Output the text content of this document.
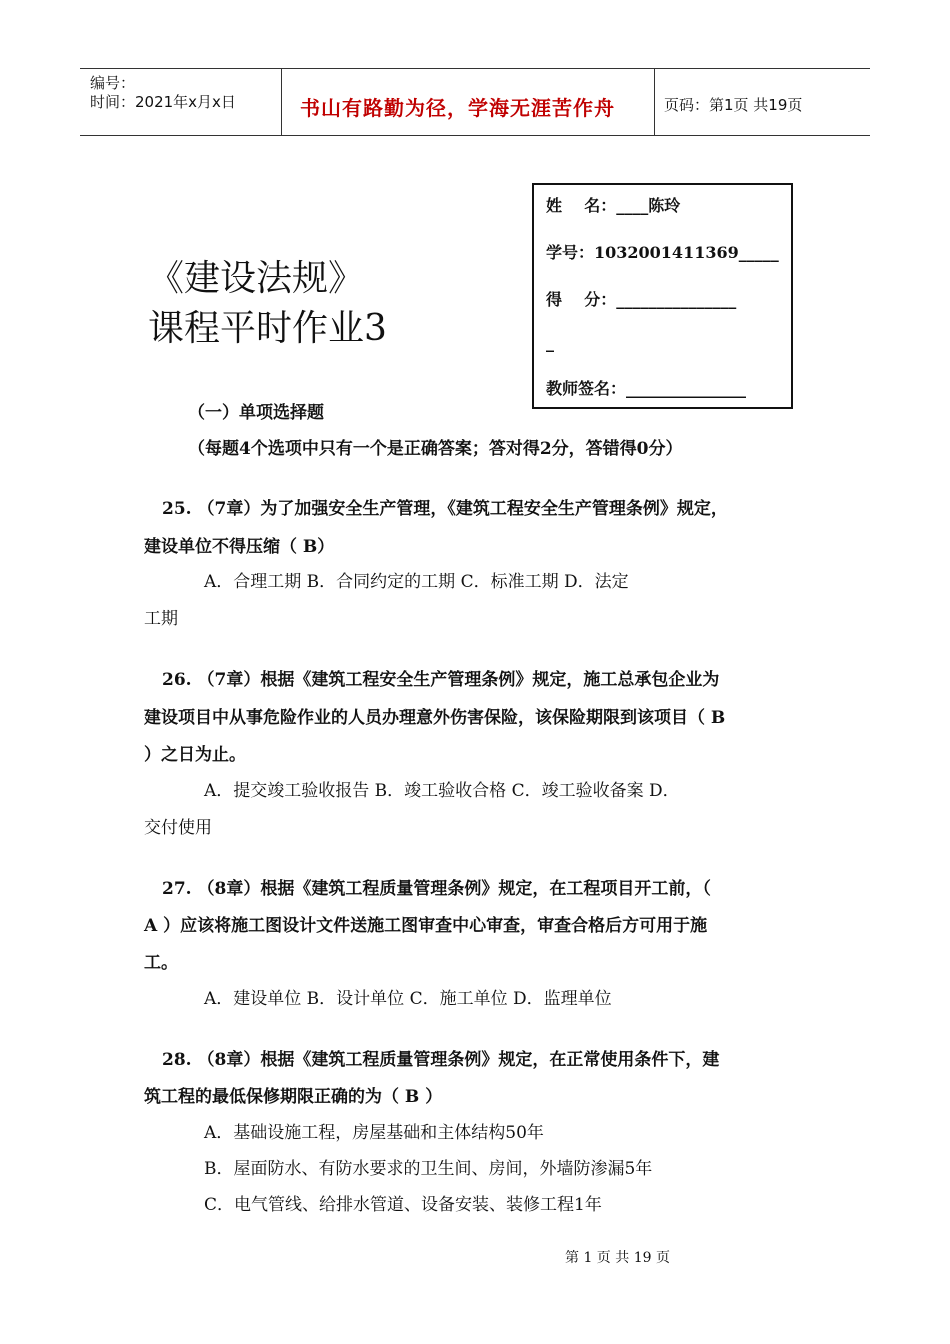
编号：
时间：2021年x月x日	书山有路勤为径，学海无涯苦作舟	页码：第1页 共19页
姓    名：____陈玲
学号：1032001411369_____
得    分：_______________
_
教师签名：_______________
《建设法规》
课程平时作业3
（一）单项选择题
（每题4个选项中只有一个是正确答案；答对得2分，答错得0分）
25. （7章）为了加强安全生产管理，《建筑工程安全生产管理条例》规定，
建设单位不得压缩（ B）
A．合理工期 B．合同约定的工期 C．标准工期 D．法定
工期
26. （7章）根据《建筑工程安全生产管理条例》规定，施工总承包企业为
建设项目中从事危险作业的人员办理意外伤害保险，该保险期限到该项目（ B
）之日为止。
A．提交竣工验收报告 B．竣工验收合格 C．竣工验收备案 D．
交付使用
27. （8章）根据《建筑工程质量管理条例》规定，在工程项目开工前，（
A ）应该将施工图设计文件送施工图审查中心审查，审查合格后方可用于施
工。
A．建设单位 B．设计单位 C．施工单位 D．监理单位
28. （8章）根据《建筑工程质量管理条例》规定，在正常使用条件下，建
筑工程的最低保修期限正确的为（ B ）
A．基础设施工程，房屋基础和主体结构50年
B．屋面防水、有防水要求的卫生间、房间，外墙防渗漏5年
C．电气管线、给排水管道、设备安装、装修工程1年
第 1 页 共 19 页
